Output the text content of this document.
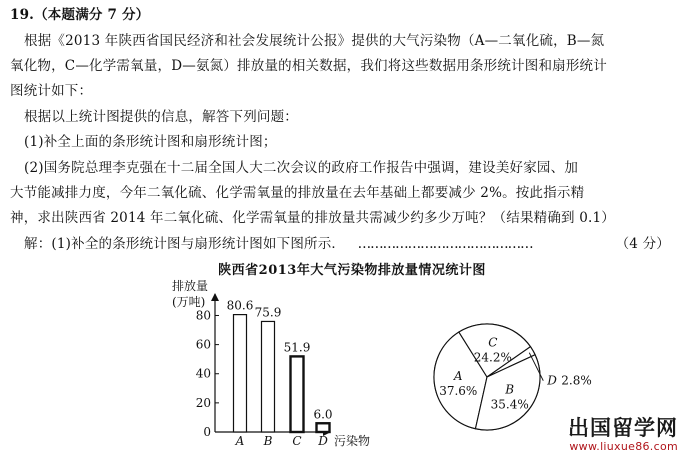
19.（本题满分 7 分）
根据《2013 年陕西省国民经济和社会发展统计公报》提供的大气污染物（A—二氧化硫，B—氮
氧化物，C—化学需氧量，D—氨氮）排放量的相关数据，我们将这些数据用条形统计图和扇形统计
图统计如下：
根据以上统计图提供的信息，解答下列问题：
(1)补全上面的条形统计图和扇形统计图；
(2)国务院总理李克强在十二届全国人大二次会议的政府工作报告中强调，建设美好家园、加
大节能减排力度，今年二氧化硫、化学需氧量的排放量在去年基础上都要减少 2%。按此指示精
神，求出陕西省 2014 年二氧化硫、化学需氧量的排放量共需减少约多少万吨？（结果精确到 0.1）
解：(1)补全的条形统计图与扇形统计图如下图所示． ……………………………………	（4 分）
陕西省2013年大气污染物排放量情况统计图
排放量
(万吨)
污染物
0
20
40
60
80
80.6
A
75.9
B
51.9
C
6.0
D
A
37.6%
C
24.2%
D 2.8%
B
35.4%
出国留学网
www.liuxue86.com
